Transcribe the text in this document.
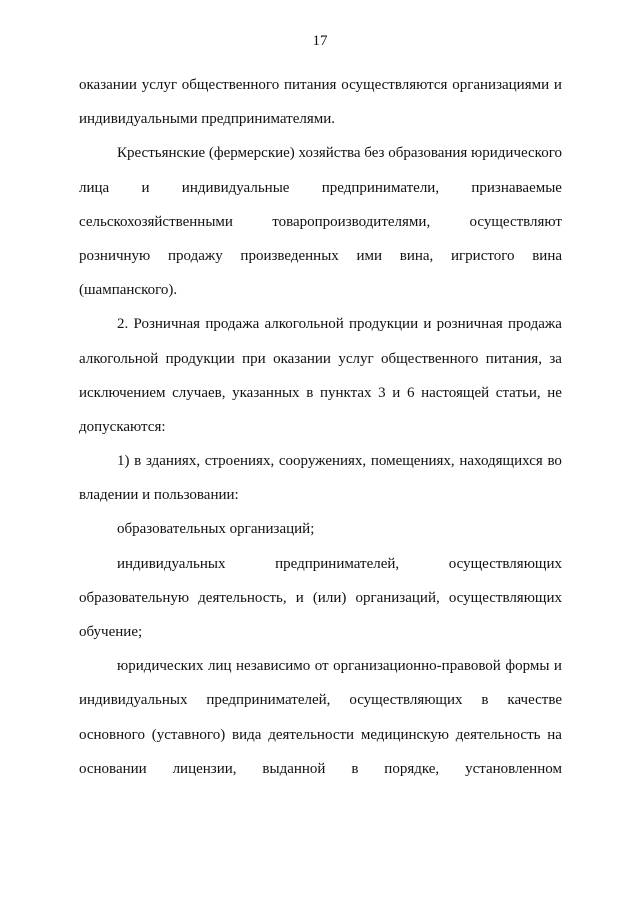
17
оказании услуг общественного питания осуществляются организациями и
индивидуальными предпринимателями.
Крестьянские (фермерские) хозяйства без образования юридического
лица и индивидуальные предприниматели, признаваемые
сельскохозяйственными	товаропроизводителями,	осуществляют
розничную продажу произведенных ими вина, игристого вина
(шампанского).
2. Розничная продажа алкогольной продукции и розничная продажа
алкогольной продукции при оказании услуг общественного питания, за
исключением случаев, указанных в пунктах 3 и 6 настоящей статьи, не
допускаются:
1) в зданиях, строениях, сооружениях, помещениях, находящихся во
владении и пользовании:
образовательных организаций;
индивидуальных	предпринимателей,	осуществляющих
образовательную деятельность, и (или) организаций, осуществляющих
обучение;
юридических лиц независимо от организационно-правовой формы и
индивидуальных предпринимателей, осуществляющих в качестве
основного (уставного) вида деятельности медицинскую деятельность на
основании лицензии, выданной в порядке, установленном
